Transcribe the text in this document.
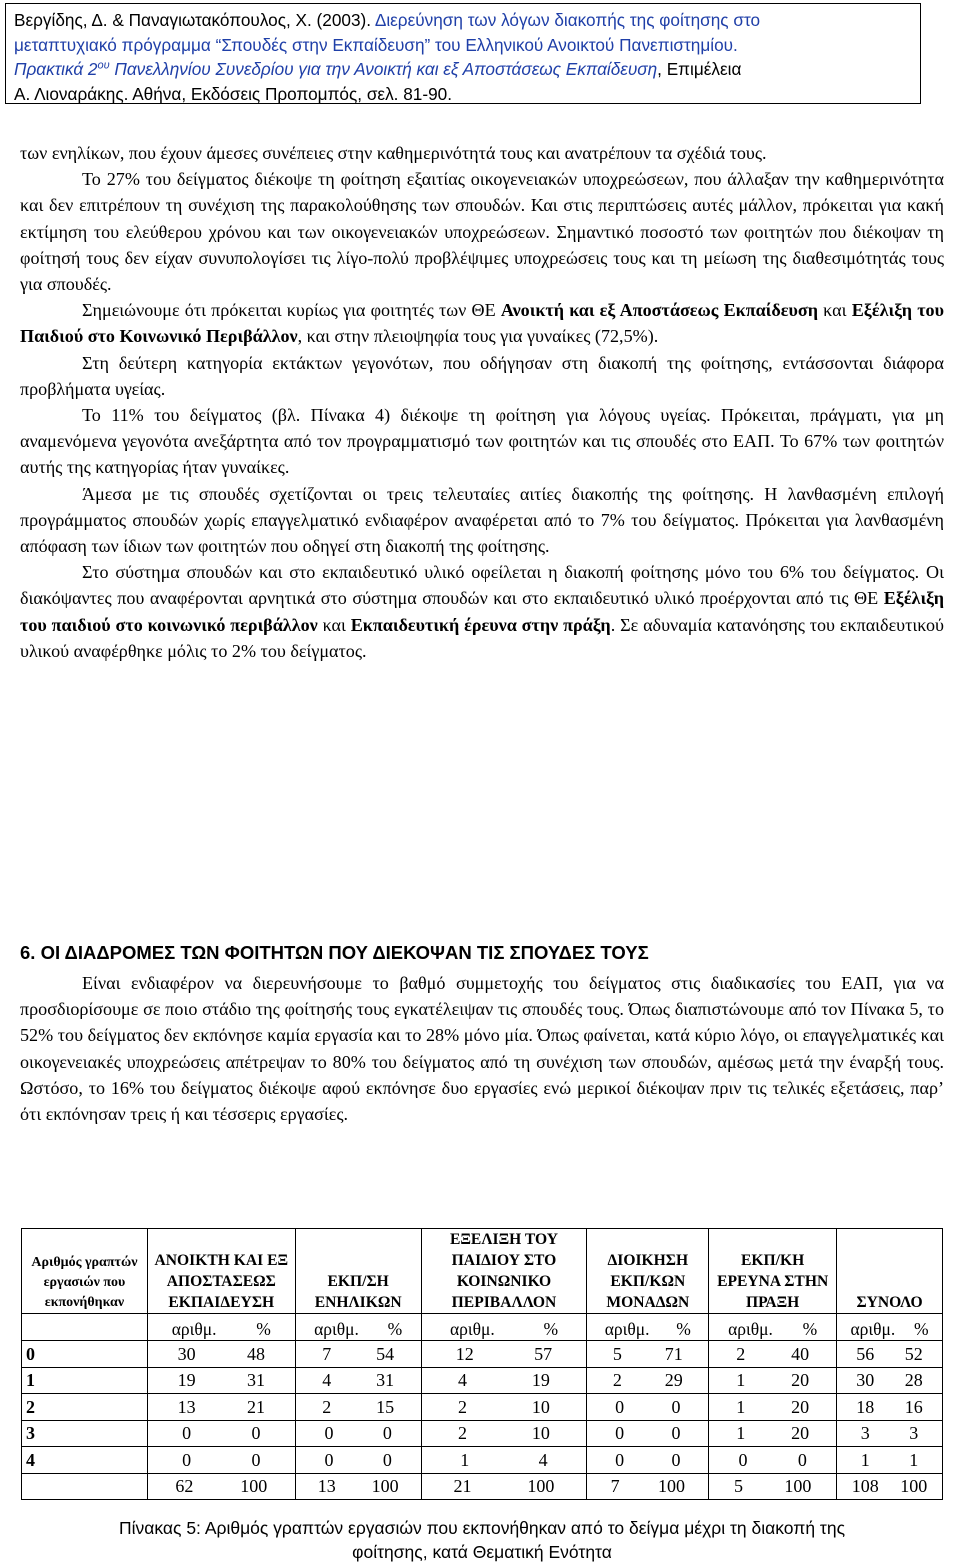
Βεργίδης, Δ. & Παναγιωτακόπουλος, Χ. (2003). Διερεύνηση των λόγων διακοπής της φοίτησης στο
μεταπτυχιακό πρόγραμμα “Σπουδές στην Εκπαίδευση” του Ελληνικού Ανοικτού Πανεπιστημίου.
Πρακτικά $2^{o\upsilon}$ Πανελληνίου Συνεδρίου για την Ανοικτή και εξ Αποστάσεως Εκπαίδευση, Επιμέλεια
Α. Λιοναράκης. Αθήνα, Εκδόσεις Προπομπός, σελ. 81-90.

των ενηλίκων, που έχουν άμεσες συνέπειες στην καθημερινότητά τους και ανατρέπουν τα σχέδιά τους.

Το 27% του δείγματος διέκοψε τη φοίτηση εξαιτίας οικογενειακών υποχρεώσεων, που άλλαξαν την καθημερινότητα και δεν επιτρέπουν τη συνέχιση της παρακολούθησης των σπουδών. Και στις περιπτώσεις αυτές μάλλον, πρόκειται για κακή εκτίμηση του ελεύθερου χρόνου και των οικογενειακών υποχρεώσεων. Σημαντικό ποσοστό των φοιτητών που διέκοψαν τη φοίτησή τους δεν είχαν συνυπολογίσει τις λίγο-πολύ προβλέψιμες υποχρεώσεις τους και τη μείωση της διαθεσιμότητάς τους για σπουδές.

Σημειώνουμε ότι πρόκειται κυρίως για φοιτητές των ΘΕ Ανοικτή και εξ Αποστάσεως Εκπαίδευση και Εξέλιξη του Παιδιού στο Κοινωνικό Περιβάλλον, και στην πλειοψηφία τους για γυναίκες (72,5%).

Στη δεύτερη κατηγορία εκτάκτων γεγονότων, που οδήγησαν στη διακοπή της φοίτησης, εντάσσονται διάφορα προβλήματα υγείας.

Το 11% του δείγματος (βλ. Πίνακα 4) διέκοψε τη φοίτηση για λόγους υγείας. Πρόκειται, πράγματι, για μη αναμενόμενα γεγονότα ανεξάρτητα από τον προγραμματισμό των φοιτητών και τις σπουδές στο ΕΑΠ. Το 67% των φοιτητών αυτής της κατηγορίας ήταν γυναίκες.

Άμεσα με τις σπουδές σχετίζονται οι τρεις τελευταίες αιτίες διακοπής της φοίτησης. Η λανθασμένη επιλογή προγράμματος σπουδών χωρίς επαγγελματικό ενδιαφέρον αναφέρεται από το 7% του δείγματος. Πρόκειται για λανθασμένη απόφαση των ίδιων των φοιτητών που οδηγεί στη διακοπή της φοίτησης.

Στο σύστημα σπουδών και στο εκπαιδευτικό υλικό οφείλεται η διακοπή φοίτησης μόνο του 6% του δείγματος. Οι διακόψαντες που αναφέρονται αρνητικά στο σύστημα σπουδών και στο εκπαιδευτικό υλικό προέρχονται από τις ΘΕ Εξέλιξη του παιδιού στο κοινωνικό περιβάλλον και Εκπαιδευτική έρευνα στην πράξη. Σε αδυναμία κατανόησης του εκπαιδευτικού υλικού αναφέρθηκε μόλις το 2% του δείγματος.

6. ΟΙ ΔΙΑΔΡΟΜΕΣ ΤΩΝ ΦΟΙΤΗΤΩΝ ΠΟΥ ΔΙΕΚΟΨΑΝ ΤΙΣ ΣΠΟΥΔΕΣ ΤΟΥΣ

Είναι ενδιαφέρον να διερευνήσουμε το βαθμό συμμετοχής του δείγματος στις διαδικασίες του ΕΑΠ, για να προσδιορίσουμε σε ποιο στάδιο της φοίτησής τους εγκατέλειψαν τις σπουδές τους. Όπως διαπιστώνουμε από τον Πίνακα 5, το 52% του δείγματος δεν εκπόνησε καμία εργασία και το 28% μόνο μία. Όπως φαίνεται, κατά κύριο λόγο, οι επαγγελματικές και οικογενειακές υποχρεώσεις απέτρεψαν το 80% του δείγματος από τη συνέχιση των σπουδών, αμέσως μετά την έναρξή τους. Ωστόσο, το 16% του δείγματος διέκοψε αφού εκπόνησε δυο εργασίες ενώ μερικοί διέκοψαν πριν τις τελικές εξετάσεις, παρ’ ότι εκπόνησαν τρεις ή και τέσσερις εργασίες.

Αριθμός γραπτών εργασιών που εκπονήθηκαν	ΑΝΟΙΚΤΗ ΚΑΙ ΕΞ ΑΠΟΣΤΑΣΕΩΣ ΕΚΠΑΙΔΕΥΣΗ	ΕΚΠ/ΣΗ ΕΝΗΛΙΚΩΝ	ΕΞΕΛΙΞΗ ΤΟΥ ΠΑΙΔΙΟΥ ΣΤΟ ΚΟΙΝΩΝΙΚΟ ΠΕΡΙΒΑΛΛΟΝ	ΔΙΟΙΚΗΣΗ ΕΚΠ/ΚΩΝ ΜΟΝΑΔΩΝ	ΕΚΠ/ΚΗ ΕΡΕΥΝΑ ΣΤΗΝ ΠΡΑΞΗ	ΣΥΝΟΛΟ

	αριθμ. %	αριθμ. %	αριθμ. %	αριθμ. %	αριθμ. %	αριθμ. %

0	30 48	7 54	12 57	5 71	2 40	56 52

1	19 31	4 31	4 19	2 29	1 20	30 28

2	13 21	2 15	2 10	0 0	1 20	18 16

3	0 0	0 0	2 10	0 0	1 20	3 3

4	0 0	0 0	1 4	0 0	0 0	1 1

	62 100	13 100	21 100	7 100	5 100	108 100
Πίνακας 5: Αριθμός γραπτών εργασιών που εκπονήθηκαν από το δείγμα μέχρι τη διακοπή της
φοίτησης, κατά Θεματική Ενότητα
